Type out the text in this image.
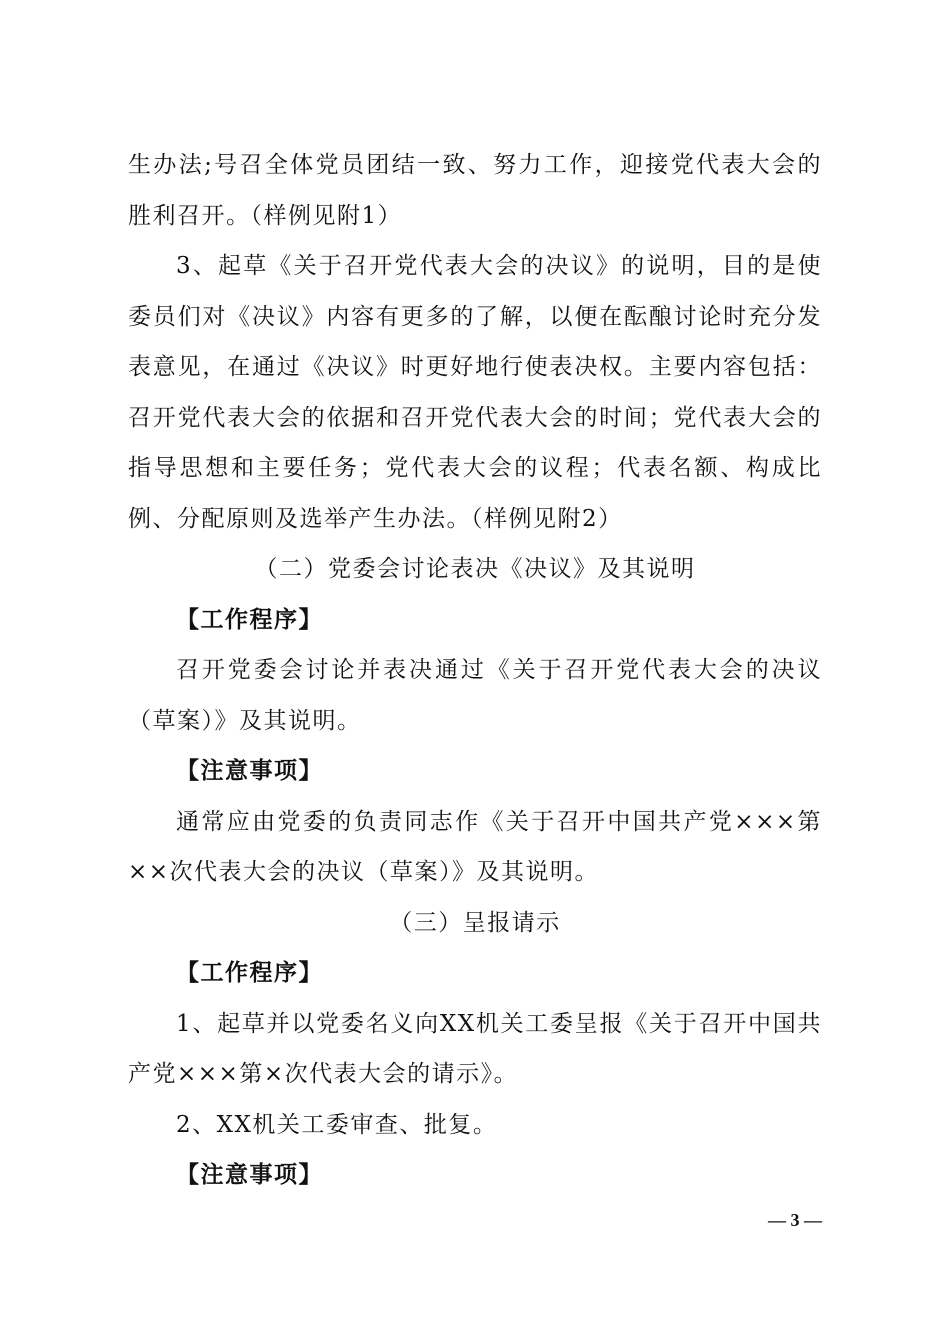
生办法;号召全体党员团结一致、努力工作，迎接党代表大会的胜利召开。（样例见附1）

3、起草《关于召开党代表大会的决议》的说明，目的是使委员们对《决议》内容有更多的了解，以便在酝酿讨论时充分发表意见，在通过《决议》时更好地行使表决权。主要内容包括：召开党代表大会的依据和召开党代表大会的时间；党代表大会的指导思想和主要任务；党代表大会的议程；代表名额、构成比例、分配原则及选举产生办法。（样例见附2）

（二）党委会讨论表决《决议》及其说明

【工作程序】

召开党委会讨论并表决通过《关于召开党代表大会的决议（草案）》及其说明。

【注意事项】

通常应由党委的负责同志作《关于召开中国共产党×××第××次代表大会的决议（草案）》及其说明。

（三）呈报请示

【工作程序】

1、起草并以党委名义向XX机关工委呈报《关于召开中国共产党×××第×次代表大会的请示》。

2、XX机关工委审查、批复。

【注意事项】

— 3 —
